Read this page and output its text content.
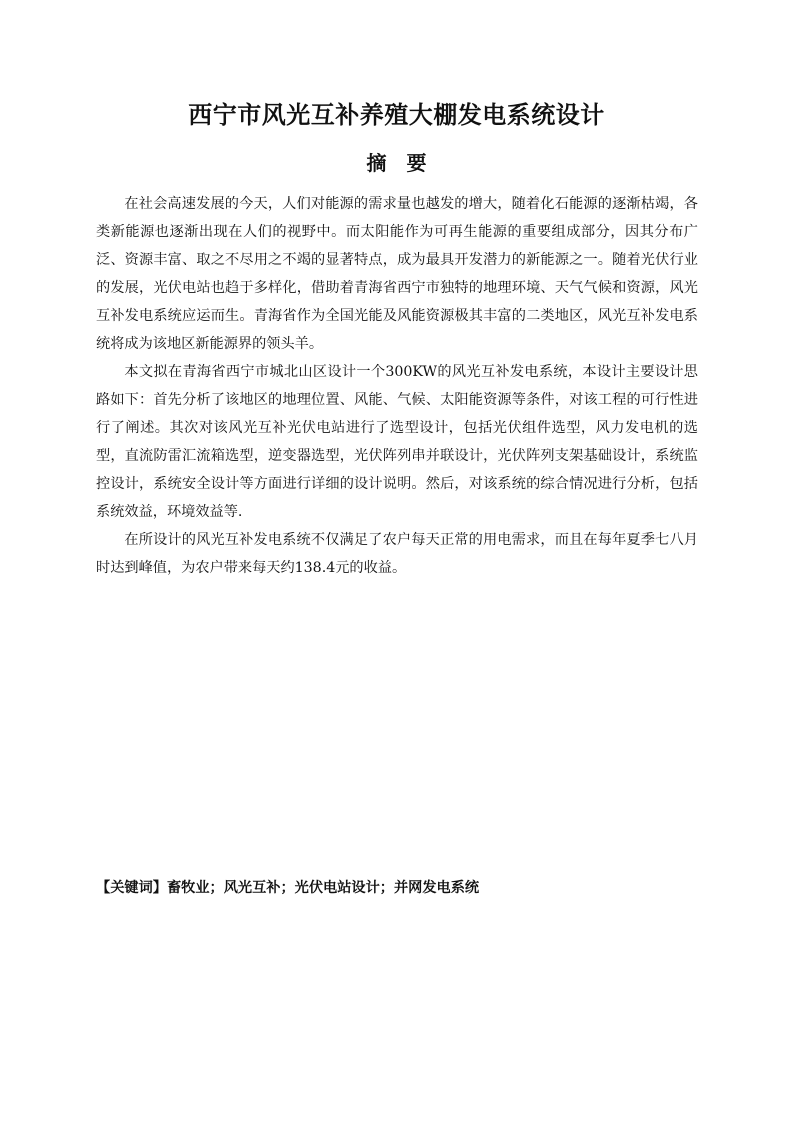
西宁市风光互补养殖大棚发电系统设计
摘要

在社会高速发展的今天，人们对能源的需求量也越发的增大，随着化石能源的逐渐枯竭，各类新能源也逐渐出现在人们的视野中。而太阳能作为可再生能源的重要组成部分，因其分布广泛、资源丰富、取之不尽用之不竭的显著特点，成为最具开发潜力的新能源之一。随着光伏行业的发展，光伏电站也趋于多样化，借助着青海省西宁市独特的地理环境、天气气候和资源，风光互补发电系统应运而生。青海省作为全国光能及风能资源极其丰富的二类地区，风光互补发电系统将成为该地区新能源界的领头羊。

本文拟在青海省西宁市城北山区设计一个300KW的风光互补发电系统，本设计主要设计思路如下：首先分析了该地区的地理位置、风能、气候、太阳能资源等条件，对该工程的可行性进行了阐述。其次对该风光互补光伏电站进行了选型设计，包括光伏组件选型，风力发电机的选型，直流防雷汇流箱选型，逆变器选型，光伏阵列串并联设计，光伏阵列支架基础设计，系统监控设计，系统安全设计等方面进行详细的设计说明。然后，对该系统的综合情况进行分析，包括系统效益，环境效益等.

在所设计的风光互补发电系统不仅满足了农户每天正常的用电需求，而且在每年夏季七八月时达到峰值，为农户带来每天约138.4元的收益。

【关键词】畜牧业；风光互补；光伏电站设计；并网发电系统
